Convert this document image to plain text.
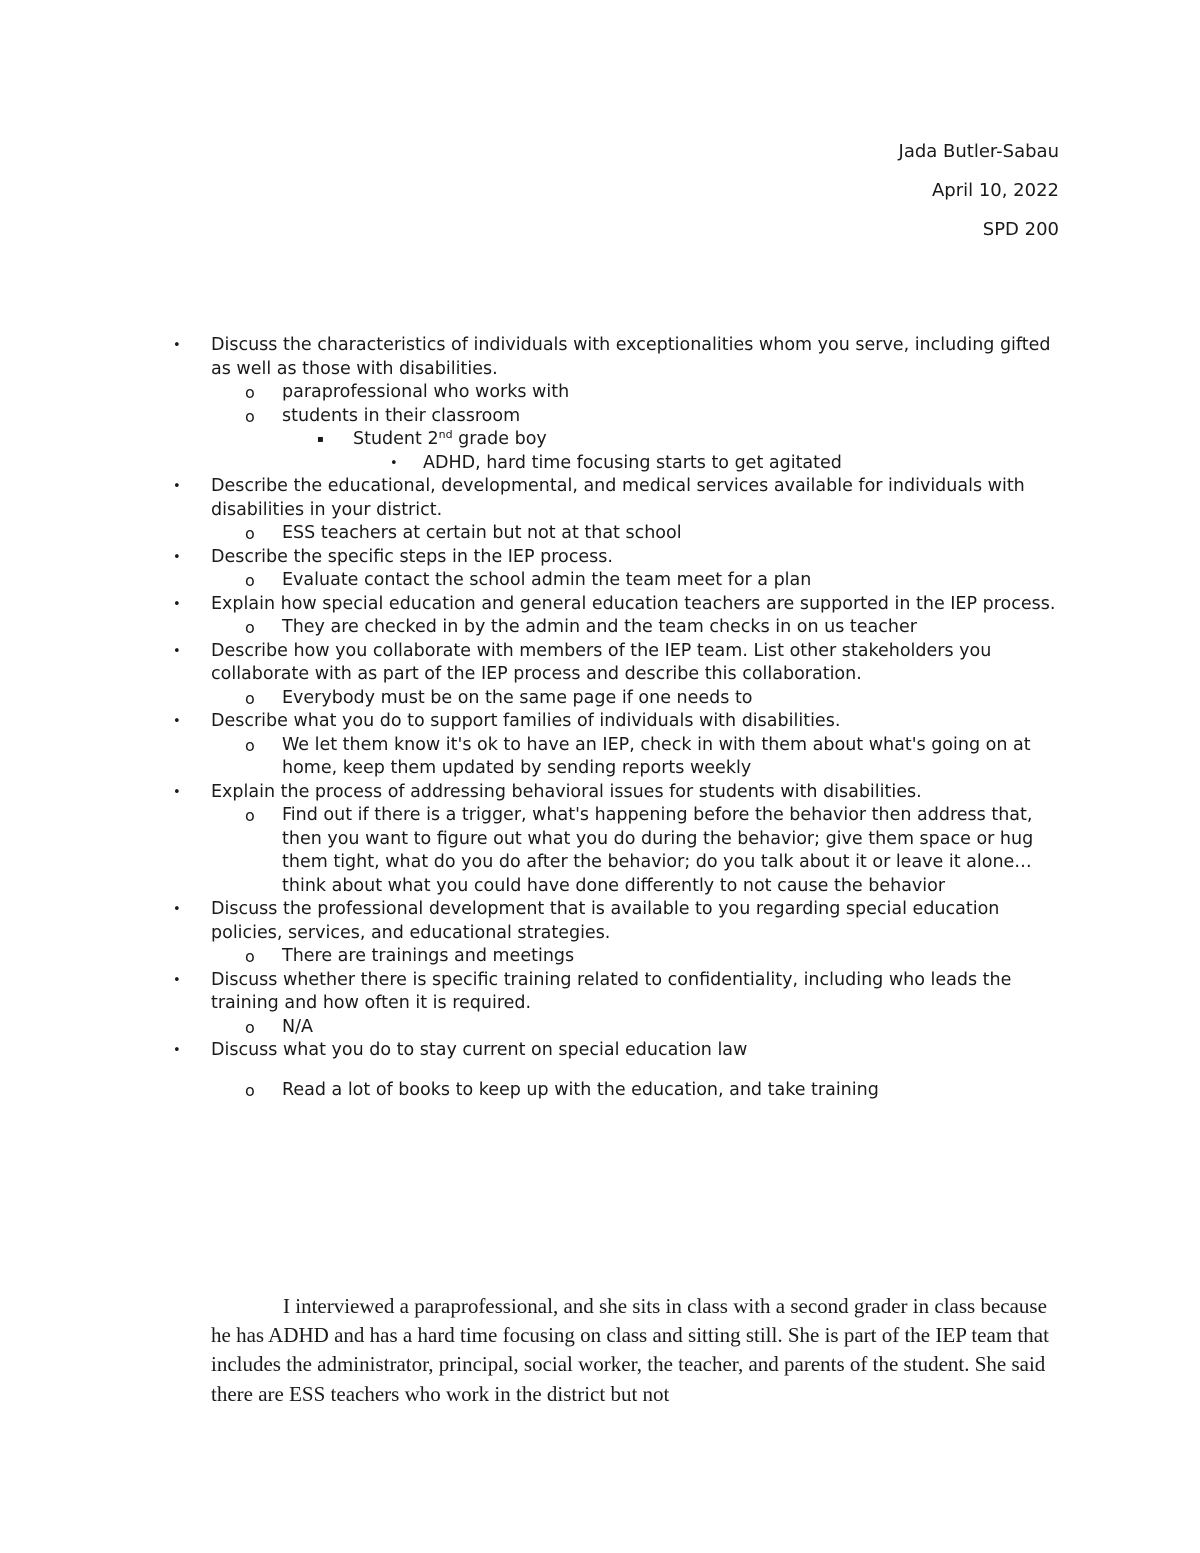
Jada Butler-Sabau
April 10, 2022
SPD 200
• Discuss the characteristics of individuals with exceptionalities whom you serve, including gifted as well as those with disabilities.
o paraprofessional who works with
o students in their classroom
▪ Student 2nd grade boy
• ADHD, hard time focusing starts to get agitated
• Describe the educational, developmental, and medical services available for individuals with disabilities in your district.
o ESS teachers at certain but not at that school
• Describe the specific steps in the IEP process.
o Evaluate contact the school admin the team meet for a plan
• Explain how special education and general education teachers are supported in the IEP process.
o They are checked in by the admin and the team checks in on us teacher
• Describe how you collaborate with members of the IEP team. List other stakeholders you collaborate with as part of the IEP process and describe this collaboration.
o Everybody must be on the same page if one needs to
• Describe what you do to support families of individuals with disabilities.
o We let them know it's ok to have an IEP, check in with them about what's going on at home, keep them updated by sending reports weekly
• Explain the process of addressing behavioral issues for students with disabilities.
o Find out if there is a trigger, what's happening before the behavior then address that, then you want to figure out what you do during the behavior; give them space or hug them tight, what do you do after the behavior; do you talk about it or leave it alone… think about what you could have done differently to not cause the behavior
• Discuss the professional development that is available to you regarding special education policies, services, and educational strategies.
o There are trainings and meetings
• Discuss whether there is specific training related to confidentiality, including who leads the training and how often it is required.
o N/A
• Discuss what you do to stay current on special education law
o Read a lot of books to keep up with the education, and take training

I interviewed a paraprofessional, and she sits in class with a second grader in class because he has ADHD and has a hard time focusing on class and sitting still. She is part of the IEP team that includes the administrator, principal, social worker, the teacher, and parents of the student. She said there are ESS teachers who work in the district but not
